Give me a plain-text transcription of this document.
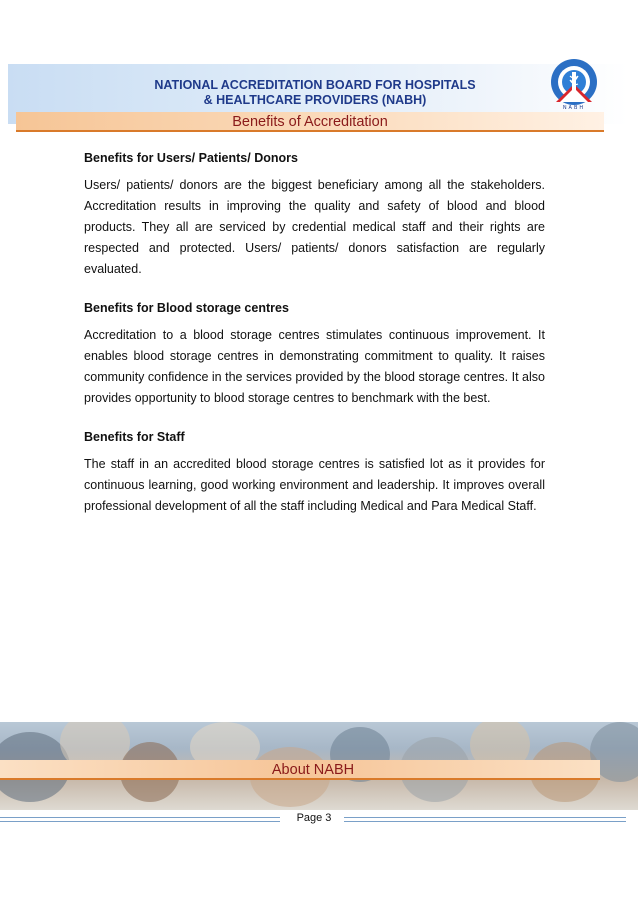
NATIONAL ACCREDITATION BOARD FOR HOSPITALS
& HEALTHCARE PROVIDERS (NABH)
NABH
Benefits of Accreditation
Benefits for Users/ Patients/ Donors

Users/ patients/ donors are the biggest beneficiary among all the stakeholders. Accreditation results in improving the quality and safety of blood and blood products. They all are serviced by credential medical staff and their rights are respected and protected. Users/ patients/ donors satisfaction are regularly evaluated.

Benefits for Blood storage centres

Accreditation to a blood storage centres stimulates continuous improvement. It enables blood storage centres in demonstrating commitment to quality. It raises community confidence in the services provided by the blood storage centres. It also provides opportunity to blood storage centres to benchmark with the best.

Benefits for Staff

The staff in an accredited blood storage centres is satisfied lot as it provides for continuous learning, good working environment and leadership. It improves overall professional development of all the staff including Medical and Para Medical Staff.

About NABH
Page 3
